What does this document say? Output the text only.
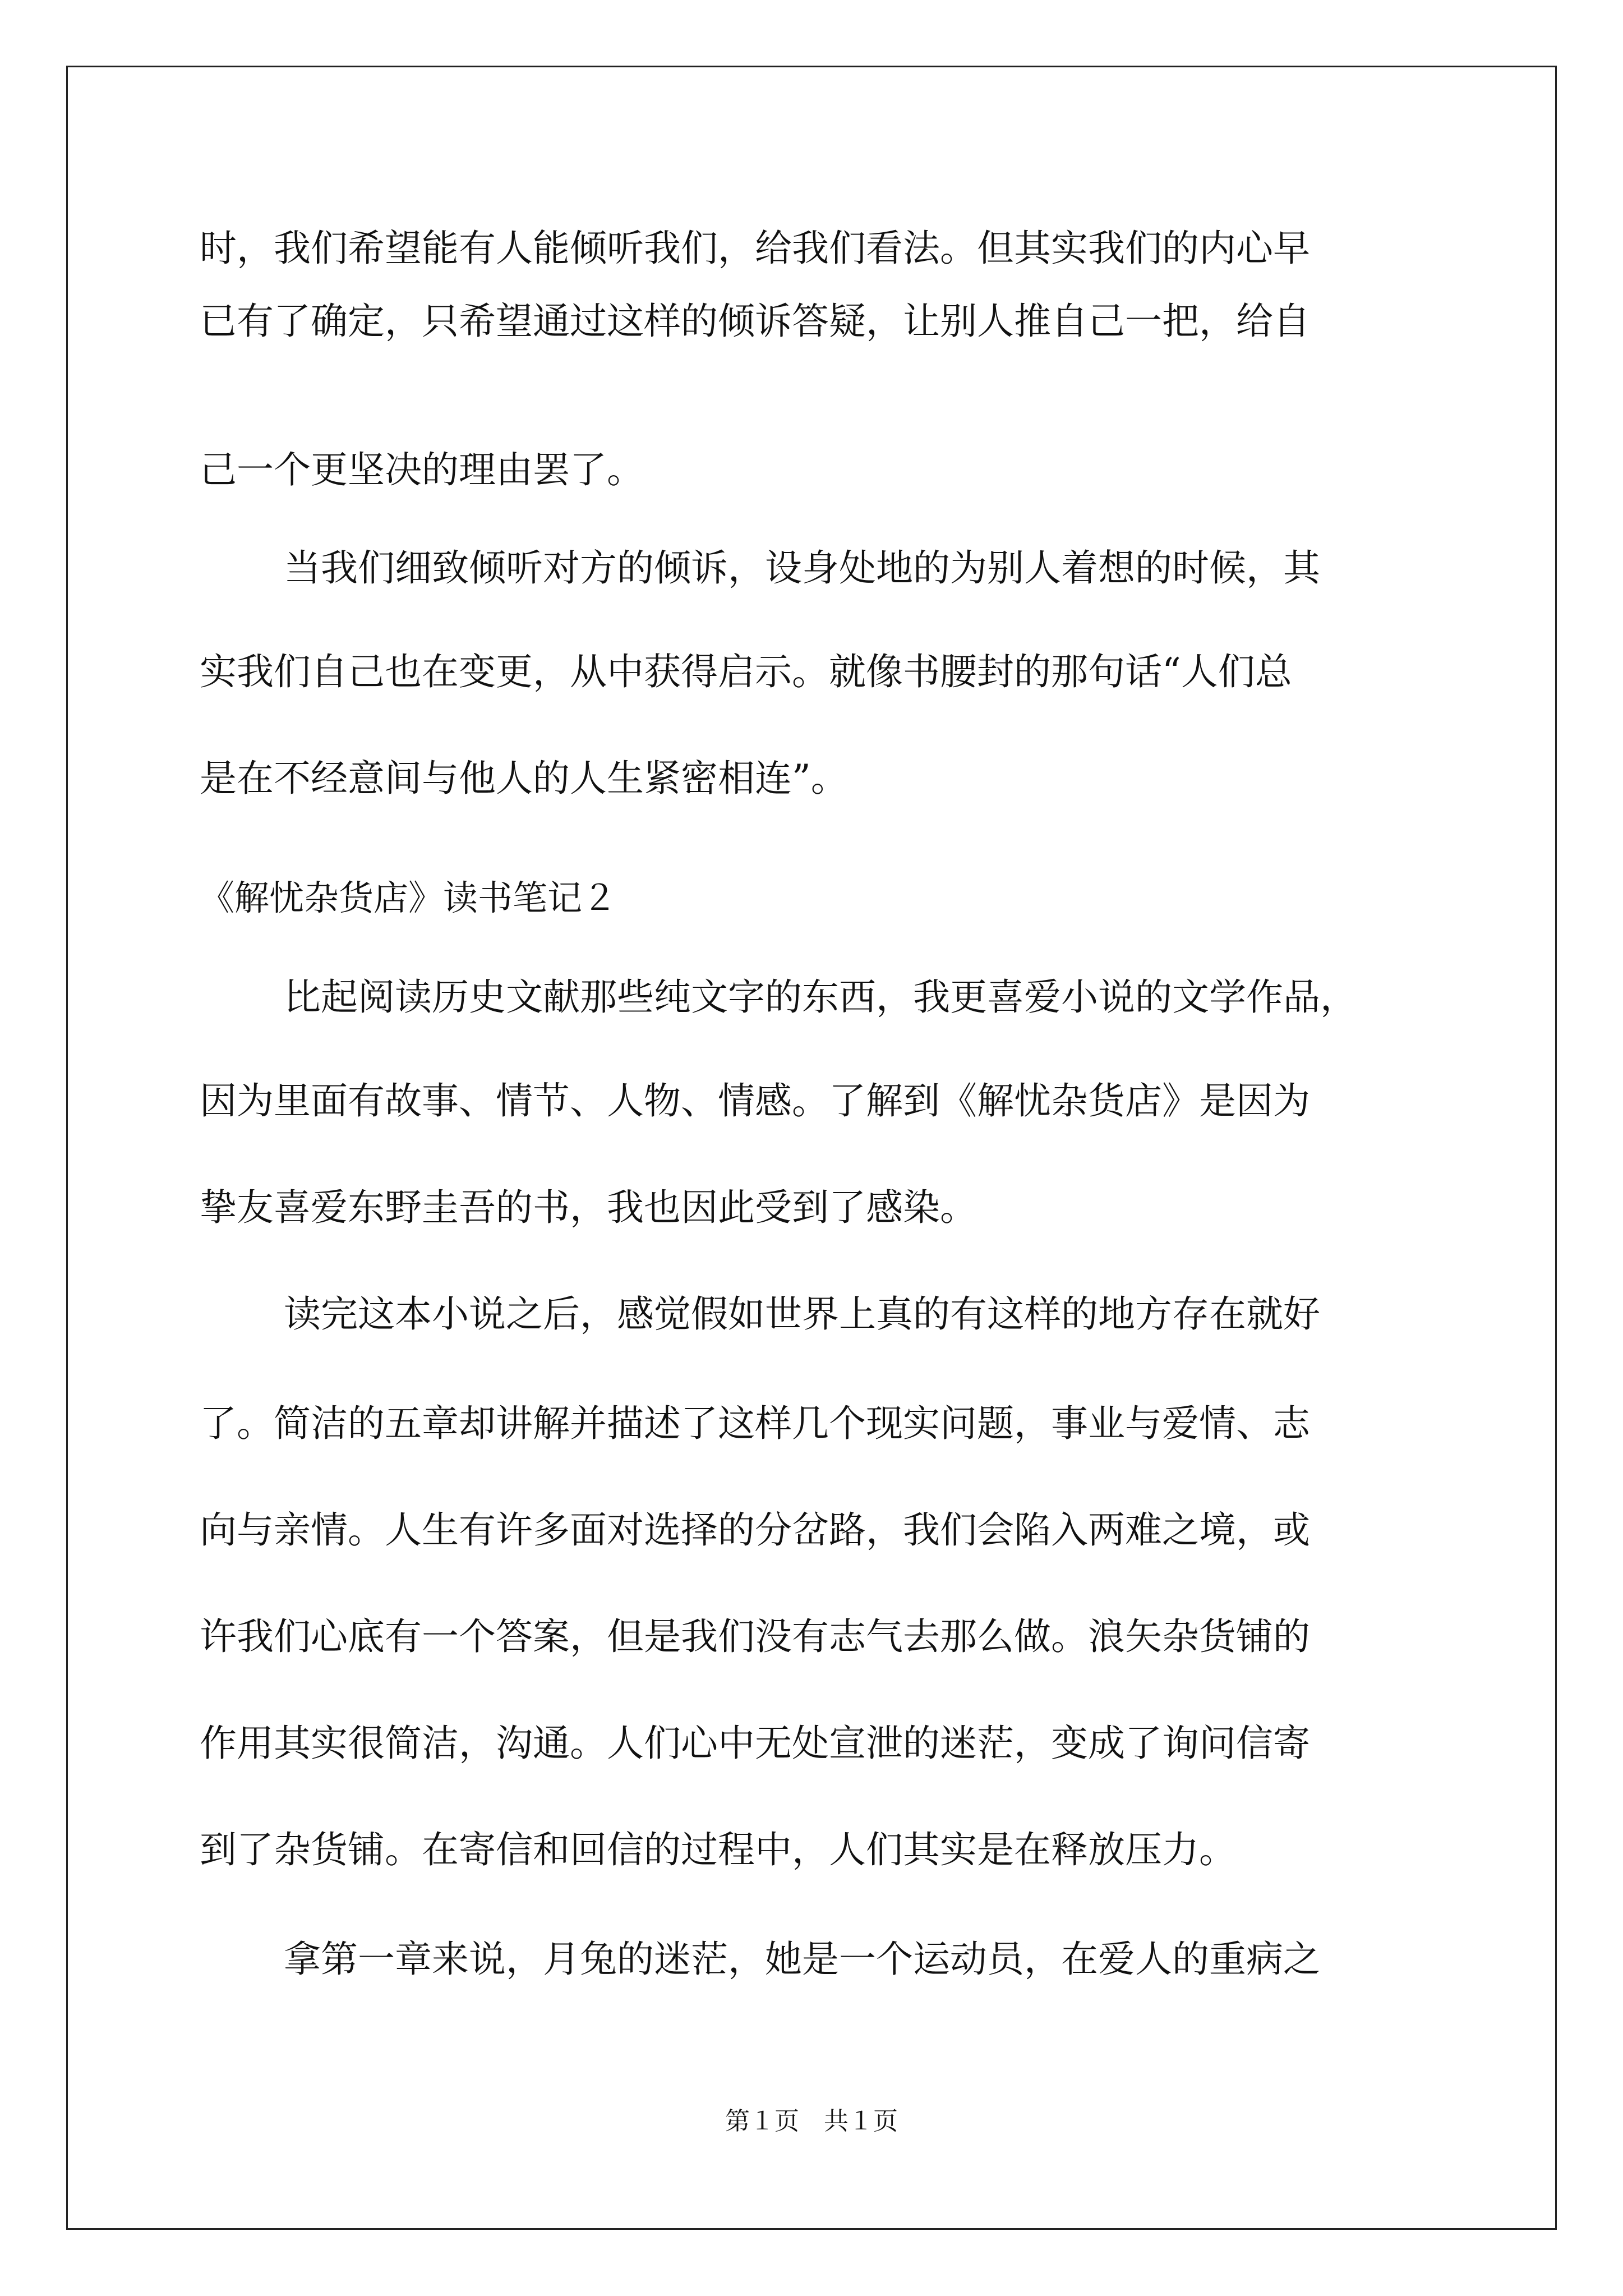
时，我们希望能有人能倾听我们，给我们看法。但其实我们的内心早
已有了确定，只希望通过这样的倾诉答疑，让别人推自己一把，给自
己一个更坚决的理由罢了。
当我们细致倾听对方的倾诉，设身处地的为别人着想的时候，其
实我们自己也在变更，从中获得启示。就像书腰封的那句话“人们总
是在不经意间与他人的人生紧密相连”。
《解忧杂货店》读书笔记２
比起阅读历史文献那些纯文字的东西，我更喜爱小说的文学作品，
因为里面有故事、情节、人物、情感。了解到《解忧杂货店》是因为
挚友喜爱东野圭吾的书，我也因此受到了感染。
读完这本小说之后，感觉假如世界上真的有这样的地方存在就好
了。简洁的五章却讲解并描述了这样几个现实问题，事业与爱情、志
向与亲情。人生有许多面对选择的分岔路，我们会陷入两难之境，或
许我们心底有一个答案，但是我们没有志气去那么做。浪矢杂货铺的
作用其实很简洁，沟通。人们心中无处宣泄的迷茫，变成了询问信寄
到了杂货铺。在寄信和回信的过程中，人们其实是在释放压力。
拿第一章来说，月兔的迷茫，她是一个运动员，在爱人的重病之
第１页　共１页
